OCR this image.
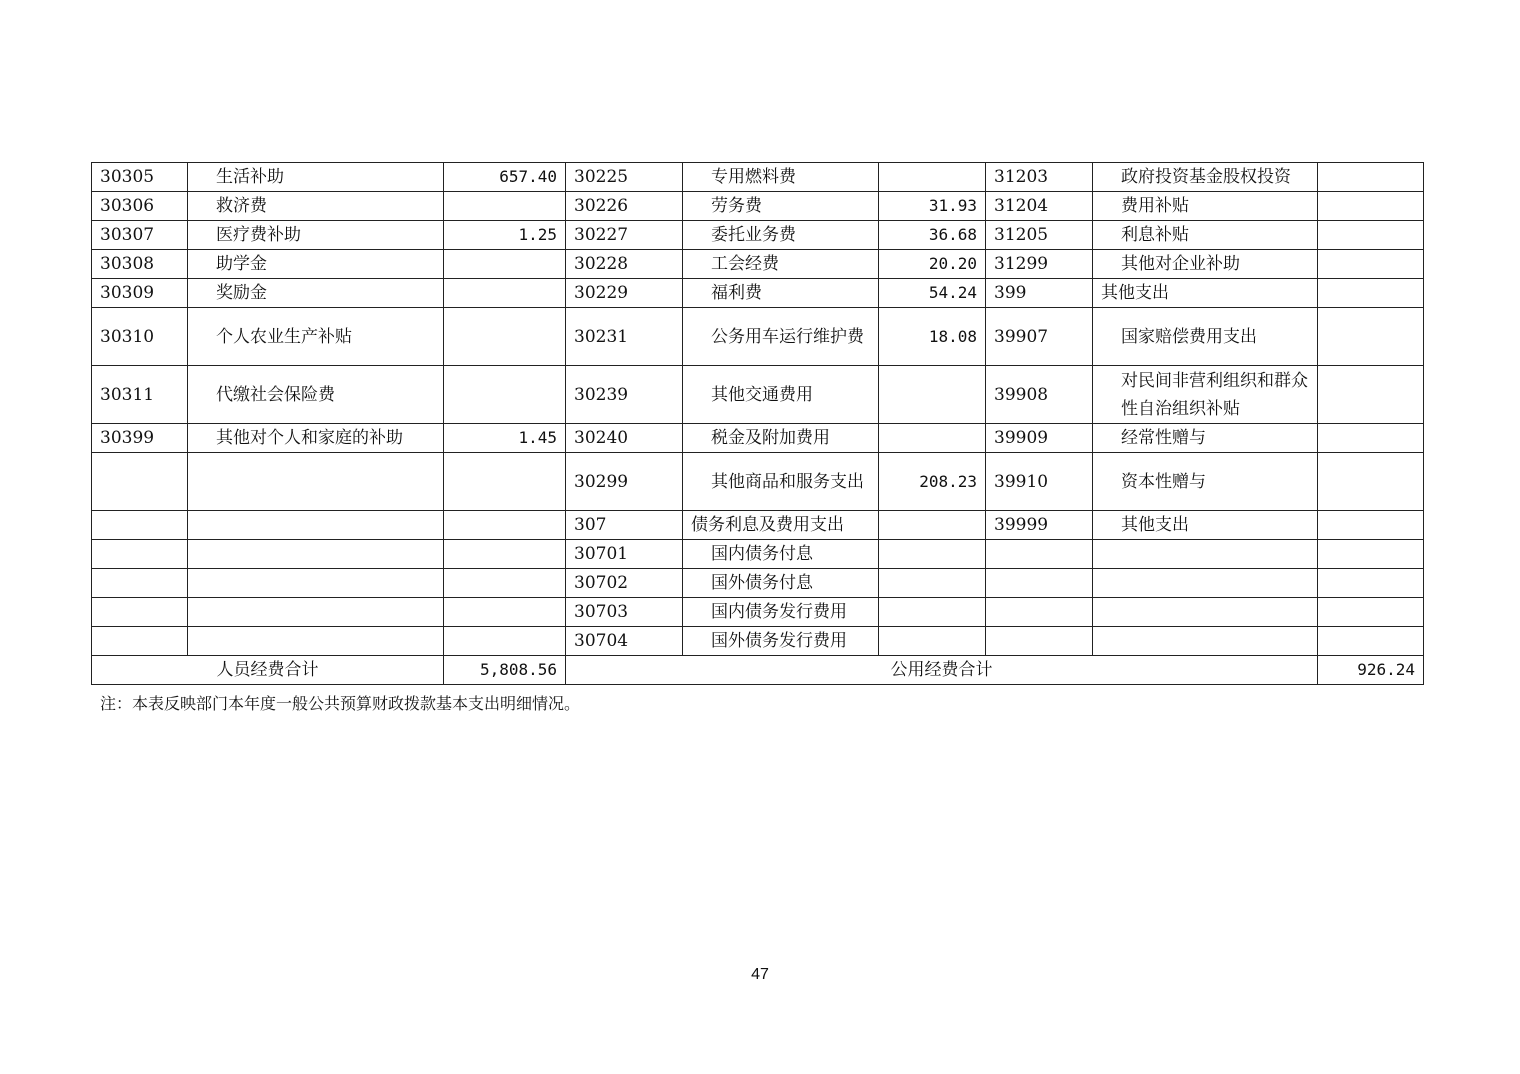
30305	生活补助	657.40	30225	专用燃料费		31203	政府投资基金股权投资	
30306	救济费		30226	劳务费	31.93	31204	费用补贴	
30307	医疗费补助	1.25	30227	委托业务费	36.68	31205	利息补贴	
30308	助学金		30228	工会经费	20.20	31299	其他对企业补助	
30309	奖励金		30229	福利费	54.24	399	其他支出	
30310	个人农业生产补贴		30231	公务用车运行维护费	18.08	39907	国家赔偿费用支出	
30311	代缴社会保险费		30239	其他交通费用		39908	对民间非营利组织和群众性自治组织补贴	
30399	其他对个人和家庭的补助	1.45	30240	税金及附加费用		39909	经常性赠与	
			30299	其他商品和服务支出	208.23	39910	资本性赠与	
			307	债务利息及费用支出		39999	其他支出	
			30701	国内债务付息				
			30702	国外债务付息				
			30703	国内债务发行费用				
			30704	国外债务发行费用				
人员经费合计		5,808.56	公用经费合计					926.24

注：本表反映部门本年度一般公共预算财政拨款基本支出明细情况。

47
